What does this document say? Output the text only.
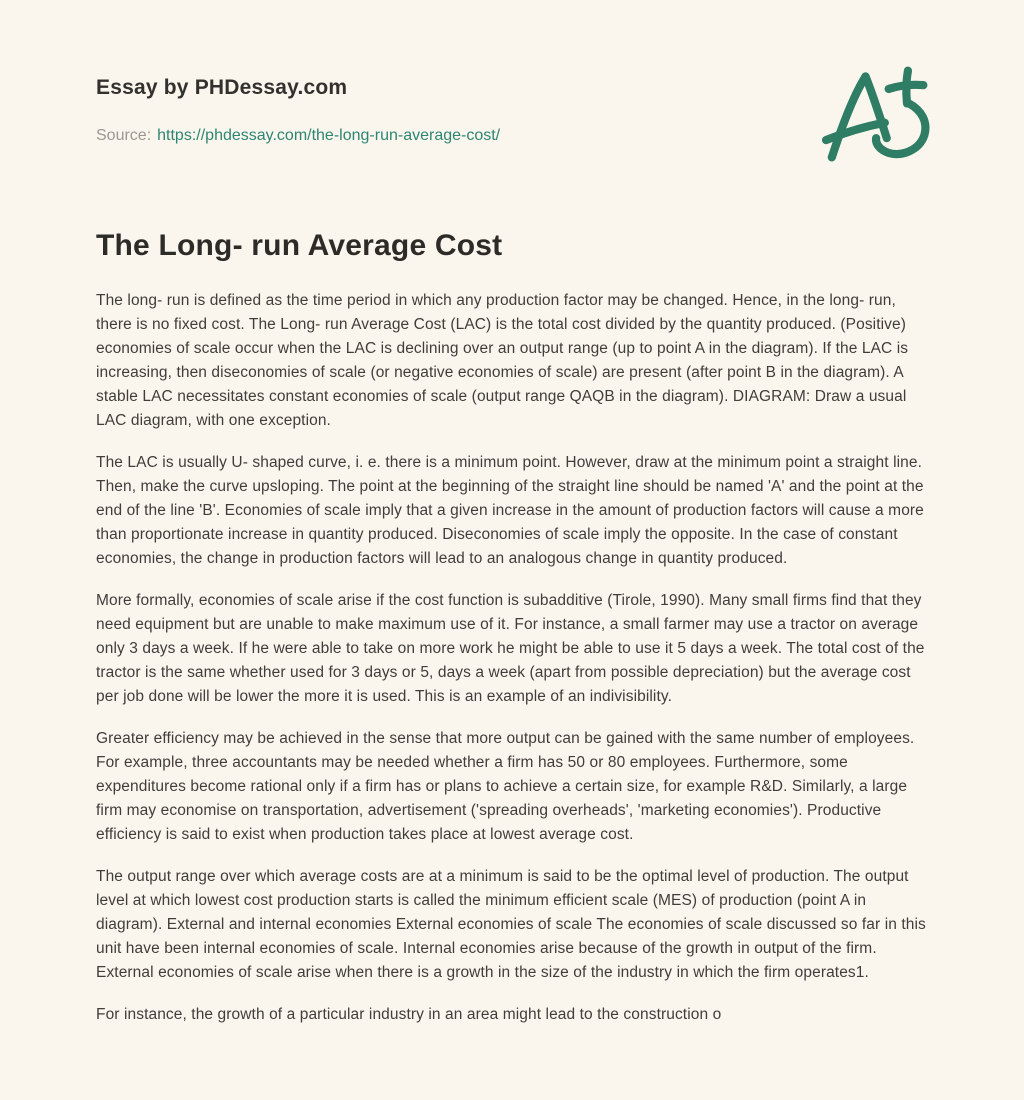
Essay by PHDessay.com
Source: https://phdessay.com/the-long-run-average-cost/
The Long- run Average Cost

The long- run is defined as the time period in which any production factor may be changed. Hence, in the long- run, there is no fixed cost. The Long- run Average Cost (LAC) is the total cost divided by the quantity produced. (Positive) economies of scale occur when the LAC is declining over an output range (up to point A in the diagram). If the LAC is increasing, then diseconomies of scale (or negative economies of scale) are present (after point B in the diagram). A stable LAC necessitates constant economies of scale (output range QAQB in the diagram). DIAGRAM: Draw a usual LAC diagram, with one exception.

The LAC is usually U- shaped curve, i. e. there is a minimum point. However, draw at the minimum point a straight line. Then, make the curve upsloping. The point at the beginning of the straight line should be named 'A' and the point at the end of the line 'B'. Economies of scale imply that a given increase in the amount of production factors will cause a more than proportionate increase in quantity produced. Diseconomies of scale imply the opposite. In the case of constant economies, the change in production factors will lead to an analogous change in quantity produced.

More formally, economies of scale arise if the cost function is subadditive (Tirole, 1990). Many small firms find that they need equipment but are unable to make maximum use of it. For instance, a small farmer may use a tractor on average only 3 days a week. If he were able to take on more work he might be able to use it 5 days a week. The total cost of the tractor is the same whether used for 3 days or 5, days a week (apart from possible depreciation) but the average cost per job done will be lower the more it is used. This is an example of an indivisibility.

Greater efficiency may be achieved in the sense that more output can be gained with the same number of employees. For example, three accountants may be needed whether a firm has 50 or 80 employees. Furthermore, some expenditures become rational only if a firm has or plans to achieve a certain size, for example R&D. Similarly, a large firm may economise on transportation, advertisement ('spreading overheads', 'marketing economies'). Productive efficiency is said to exist when production takes place at lowest average cost.

The output range over which average costs are at a minimum is said to be the optimal level of production. The output level at which lowest cost production starts is called the minimum efficient scale (MES) of production (point A in diagram). External and internal economies External economies of scale The economies of scale discussed so far in this unit have been internal economies of scale. Internal economies arise because of the growth in output of the firm. External economies of scale arise when there is a growth in the size of the industry in which the firm operates1.

For instance, the growth of a particular industry in an area might lead to the construction o
